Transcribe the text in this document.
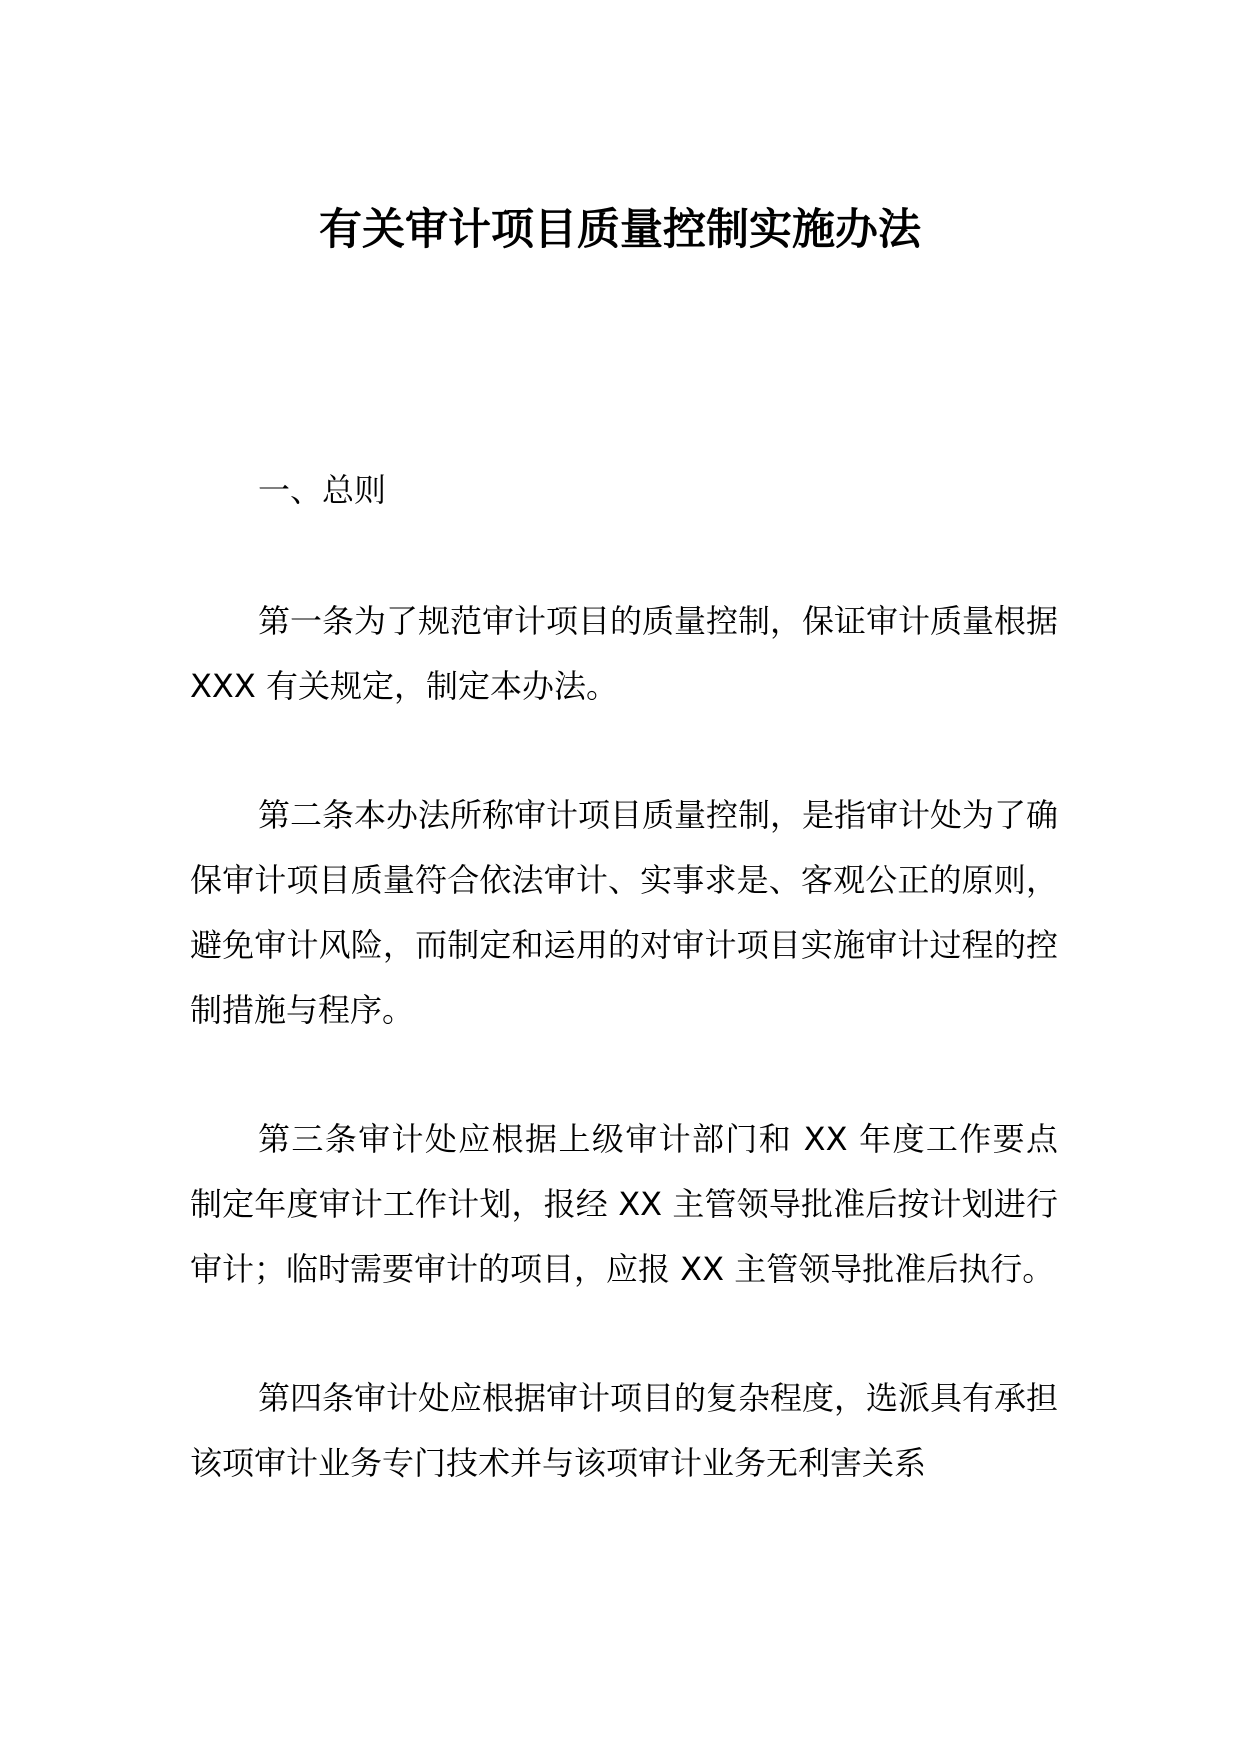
有关审计项目质量控制实施办法

一、总则

第一条为了规范审计项目的质量控制，保证审计质量根据 XXX 有关规定，制定本办法。

第二条本办法所称审计项目质量控制，是指审计处为了确保审计项目质量符合依法审计、实事求是、客观公正的原则，避免审计风险，而制定和运用的对审计项目实施审计过程的控制措施与程序。

第三条审计处应根据上级审计部门和 XX 年度工作要点制定年度审计工作计划，报经 XX 主管领导批准后按计划进行审计；临时需要审计的项目，应报 XX 主管领导批准后执行。

第四条审计处应根据审计项目的复杂程度，选派具有承担该项审计业务专门技术并与该项审计业务无利害关系
